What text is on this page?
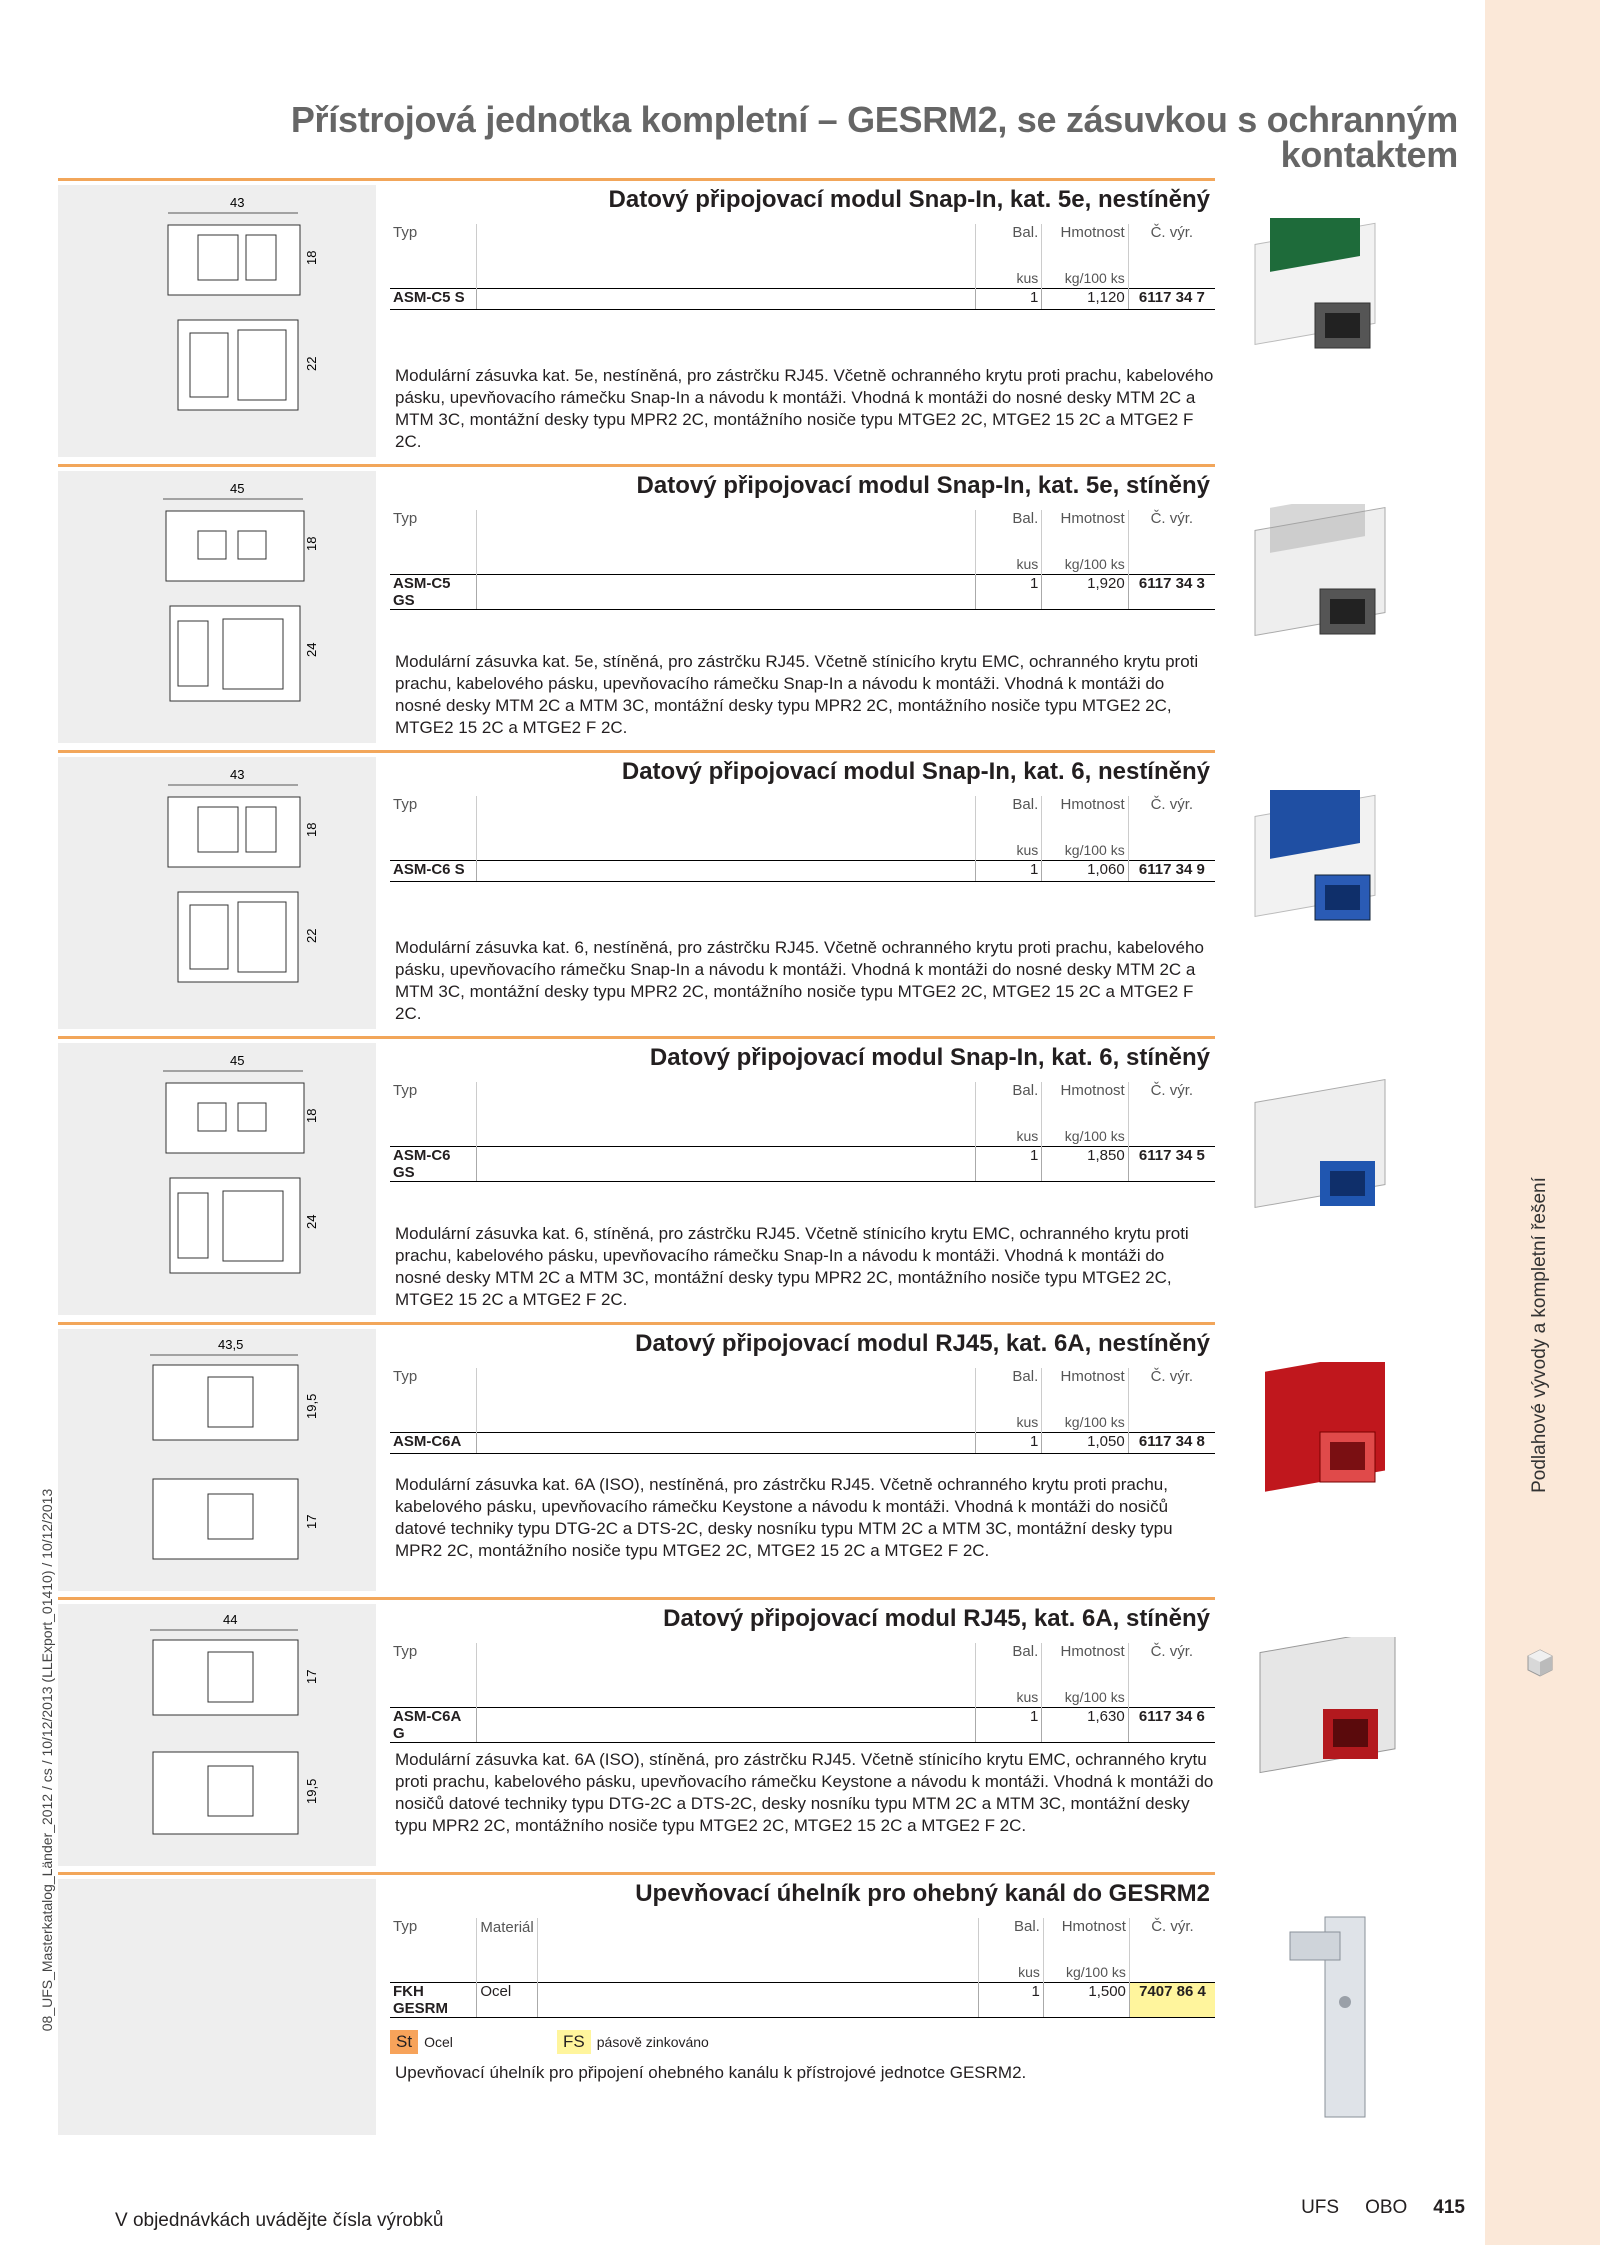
Podlahové vývody a kompletní řešení
08_UFS_Masterkatalog_Länder_2012 / cs / 10/12/2013 (LLExport_01410) / 10/12/2013
Přístrojová jednotka kompletní – GESRM2, se zásuvkou s ochranným kontaktem
43
18
22
Datový připojovací modul Snap-In, kat. 5e, nestíněný
Typ		Bal.	Hmotnost	Č. výr.
		kus	kg/100 ks	
ASM-C5 S		1	1,120	6117 34 7
Modulární zásuvka kat. 5e, nestíněná, pro zástrčku RJ45. Včetně ochranného krytu proti prachu, kabelového pásku, upevňovacího rámečku Snap-In a návodu k montáži. Vhodná k montáži do nosné desky MTM 2C a MTM 3C, montážní desky typu MPR2 2C, montážního nosiče typu MTGE2 2C, MTGE2 15 2C a MTGE2 F 2C.
45
18
24
Datový připojovací modul Snap-In, kat. 5e, stíněný
Typ		Bal.	Hmotnost	Č. výr.
		kus	kg/100 ks	
ASM-C5 GS		1	1,920	6117 34 3
Modulární zásuvka kat. 5e, stíněná, pro zástrčku RJ45. Včetně stínicího krytu EMC, ochranného krytu proti prachu, kabelového pásku, upevňovacího rámečku Snap-In a návodu k montáži. Vhodná k montáži do nosné desky MTM 2C a MTM 3C, montážní desky typu MPR2 2C, montážního nosiče typu MTGE2 2C, MTGE2 15 2C a MTGE2 F 2C.
43
18
22
Datový připojovací modul Snap-In, kat. 6, nestíněný
Typ		Bal.	Hmotnost	Č. výr.
		kus	kg/100 ks	
ASM-C6 S		1	1,060	6117 34 9
Modulární zásuvka kat. 6, nestíněná, pro zástrčku RJ45. Včetně ochranného krytu proti prachu, kabelového pásku, upevňovacího rámečku Snap-In a návodu k montáži. Vhodná k montáži do nosné desky MTM 2C a MTM 3C, montážní desky typu MPR2 2C, montážního nosiče typu MTGE2 2C, MTGE2 15 2C a MTGE2 F 2C.
45
18
24
Datový připojovací modul Snap-In, kat. 6, stíněný
Typ		Bal.	Hmotnost	Č. výr.
		kus	kg/100 ks	
ASM-C6 GS		1	1,850	6117 34 5
Modulární zásuvka kat. 6, stíněná, pro zástrčku RJ45. Včetně stínicího krytu EMC, ochranného krytu proti prachu, kabelového pásku, upevňovacího rámečku Snap-In a návodu k montáži. Vhodná k montáži do nosné desky MTM 2C a MTM 3C, montážní desky typu MPR2 2C, montážního nosiče typu MTGE2 2C, MTGE2 15 2C a MTGE2 F 2C.
43,5
19,5
17
Datový připojovací modul RJ45, kat. 6A, nestíněný
Typ		Bal.	Hmotnost	Č. výr.
		kus	kg/100 ks	
ASM-C6A		1	1,050	6117 34 8
Modulární zásuvka kat. 6A (ISO), nestíněná, pro zástrčku RJ45. Včetně ochranného krytu proti prachu, kabelového pásku, upevňovacího rámečku Keystone a návodu k montáži. Vhodná k montáži do nosičů datové techniky typu DTG-2C a DTS-2C, desky nosníku typu MTM 2C a MTM 3C, montážní desky typu MPR2 2C, montážního nosiče typu MTGE2 2C, MTGE2 15 2C a MTGE2 F 2C.
44
17
19,5
Datový připojovací modul RJ45, kat. 6A, stíněný
Typ		Bal.	Hmotnost	Č. výr.
		kus	kg/100 ks	
ASM-C6A G		1	1,630	6117 34 6
Modulární zásuvka kat. 6A (ISO), stíněná, pro zástrčku RJ45. Včetně stínicího krytu EMC, ochranného krytu proti prachu, kabelového pásku, upevňovacího rámečku Keystone a návodu k montáži. Vhodná k montáži do nosičů datové techniky typu DTG-2C a DTS-2C, desky nosníku typu MTM 2C a MTM 3C, montážní desky typu MPR2 2C, montážního nosiče typu MTGE2 2C, MTGE2 15 2C a MTGE2 F 2C.
Upevňovací úhelník pro ohebný kanál do GESRM2
Typ	Materiál		Bal.	Hmotnost	Č. výr.
			kus	kg/100 ks	
FKH GESRM	Ocel		1	1,500	7407 86 4
St Ocel	FS pásově zinkováno
Upevňovací úhelník pro připojení ohebného kanálu k přístrojové jednotce GESRM2.
V objednávkách uvádějte čísla výrobků
UFS OBO 415
